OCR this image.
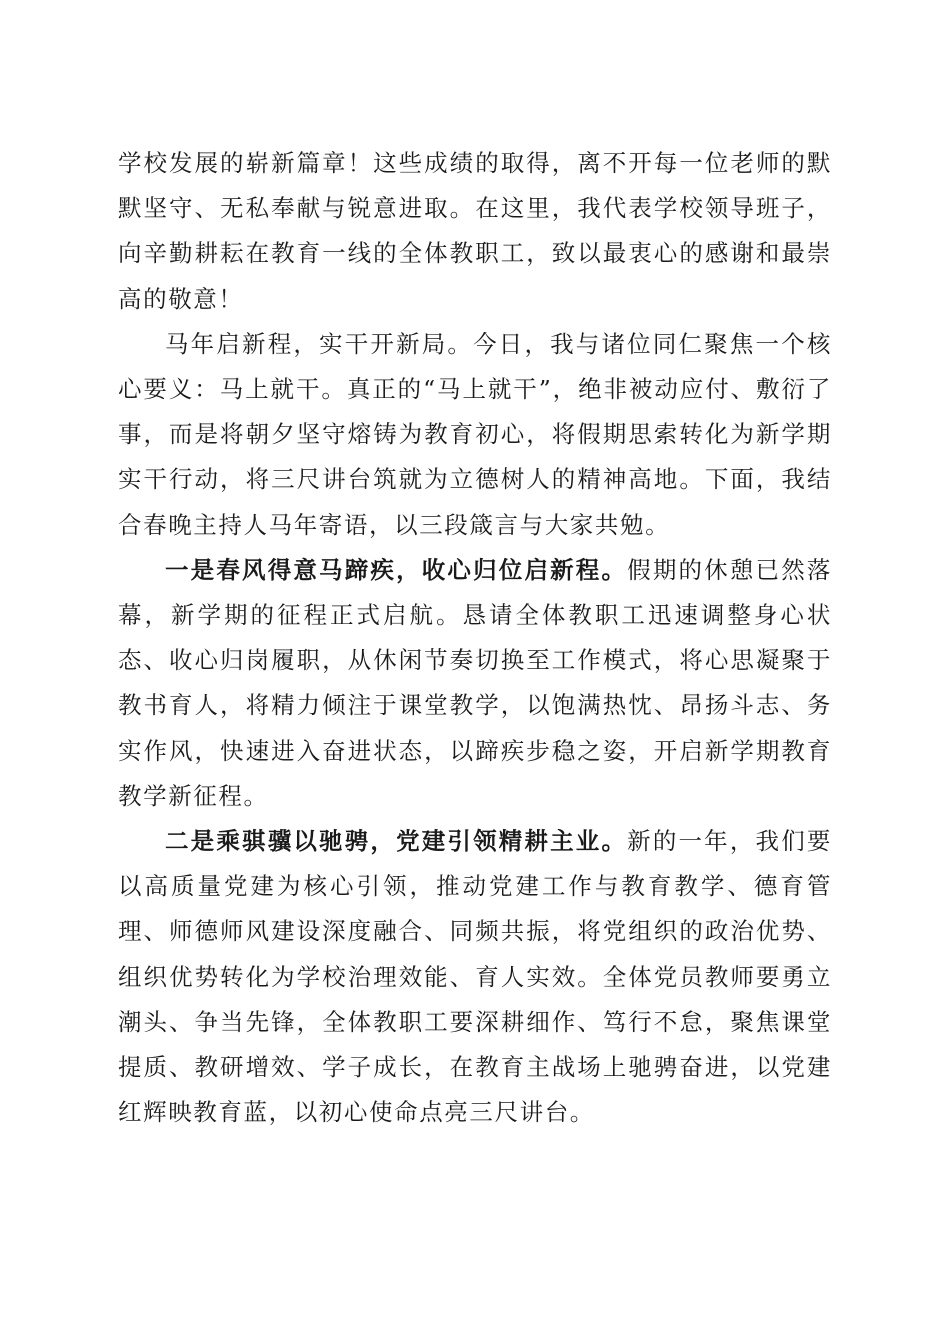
学校发展的崭新篇章！这些成绩的取得，离不开每一位老师的默默坚守、无私奉献与锐意进取。在这里，我代表学校领导班子，向辛勤耕耘在教育一线的全体教职工，致以最衷心的感谢和最崇高的敬意！

马年启新程，实干开新局。今日，我与诸位同仁聚焦一个核心要义：马上就干。真正的“马上就干”，绝非被动应付、敷衍了事，而是将朝夕坚守熔铸为教育初心，将假期思索转化为新学期实干行动，将三尺讲台筑就为立德树人的精神高地。下面，我结合春晚主持人马年寄语，以三段箴言与大家共勉。

一是春风得意马蹄疾，收心归位启新程。假期的休憩已然落幕，新学期的征程正式启航。恳请全体教职工迅速调整身心状态、收心归岗履职，从休闲节奏切换至工作模式，将心思凝聚于教书育人，将精力倾注于课堂教学，以饱满热忱、昂扬斗志、务实作风，快速进入奋进状态，以蹄疾步稳之姿，开启新学期教育教学新征程。

二是乘骐骥以驰骋，党建引领精耕主业。新的一年，我们要以高质量党建为核心引领，推动党建工作与教育教学、德育管理、师德师风建设深度融合、同频共振，将党组织的政治优势、组织优势转化为学校治理效能、育人实效。全体党员教师要勇立潮头、争当先锋，全体教职工要深耕细作、笃行不怠，聚焦课堂提质、教研增效、学子成长，在教育主战场上驰骋奋进，以党建红辉映教育蓝，以初心使命点亮三尺讲台。
